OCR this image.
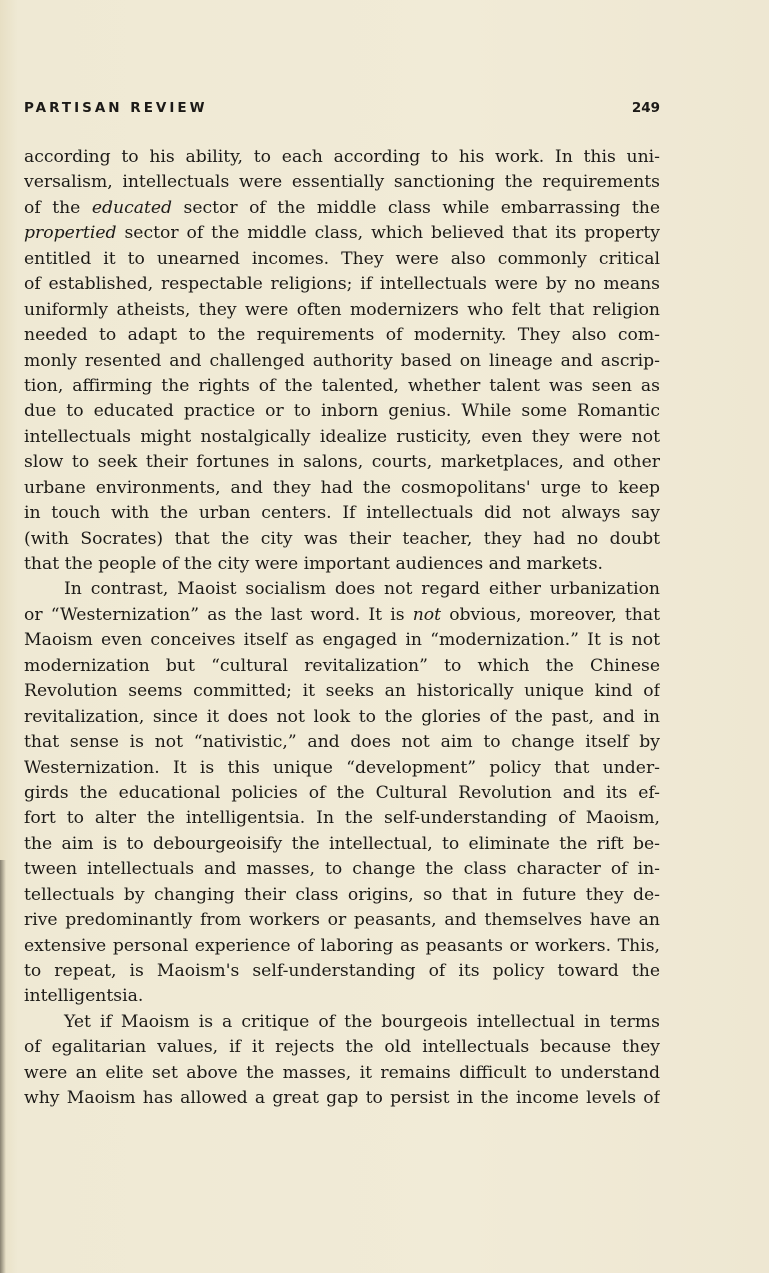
PARTISAN REVIEW	249
according to his ability, to each according to his work. In this uni-
versalism, intellectuals were essentially sanctioning the requirements
of the educated sector of the middle class while embarrassing the
propertied sector of the middle class, which believed that its property
entitled it to unearned incomes. They were also commonly critical
of established, respectable religions; if intellectuals were by no means
uniformly atheists, they were often modernizers who felt that religion
needed to adapt to the requirements of modernity. They also com-
monly resented and challenged authority based on lineage and ascrip-
tion, affirming the rights of the talented, whether talent was seen as
due to educated practice or to inborn genius. While some Romantic
intellectuals might nostalgically idealize rusticity, even they were not
slow to seek their fortunes in salons, courts, marketplaces, and other
urbane environments, and they had the cosmopolitans' urge to keep
in touch with the urban centers. If intellectuals did not always say
(with Socrates) that the city was their teacher, they had no doubt
that the people of the city were important audiences and markets.
In contrast, Maoist socialism does not regard either urbanization
or “Westernization” as the last word. It is not obvious, moreover, that
Maoism even conceives itself as engaged in “modernization.” It is not
modernization but “cultural revitalization” to which the Chinese
Revolution seems committed; it seeks an historically unique kind of
revitalization, since it does not look to the glories of the past, and in
that sense is not “nativistic,” and does not aim to change itself by
Westernization. It is this unique “development” policy that under-
girds the educational policies of the Cultural Revolution and its ef-
fort to alter the intelligentsia. In the self-understanding of Maoism,
the aim is to debourgeoisify the intellectual, to eliminate the rift be-
tween intellectuals and masses, to change the class character of in-
tellectuals by changing their class origins, so that in future they de-
rive predominantly from workers or peasants, and themselves have an
extensive personal experience of laboring as peasants or workers. This,
to repeat, is Maoism's self-understanding of its policy toward the
intelligentsia.
Yet if Maoism is a critique of the bourgeois intellectual in terms
of egalitarian values, if it rejects the old intellectuals because they
were an elite set above the masses, it remains difficult to understand
why Maoism has allowed a great gap to persist in the income levels of
